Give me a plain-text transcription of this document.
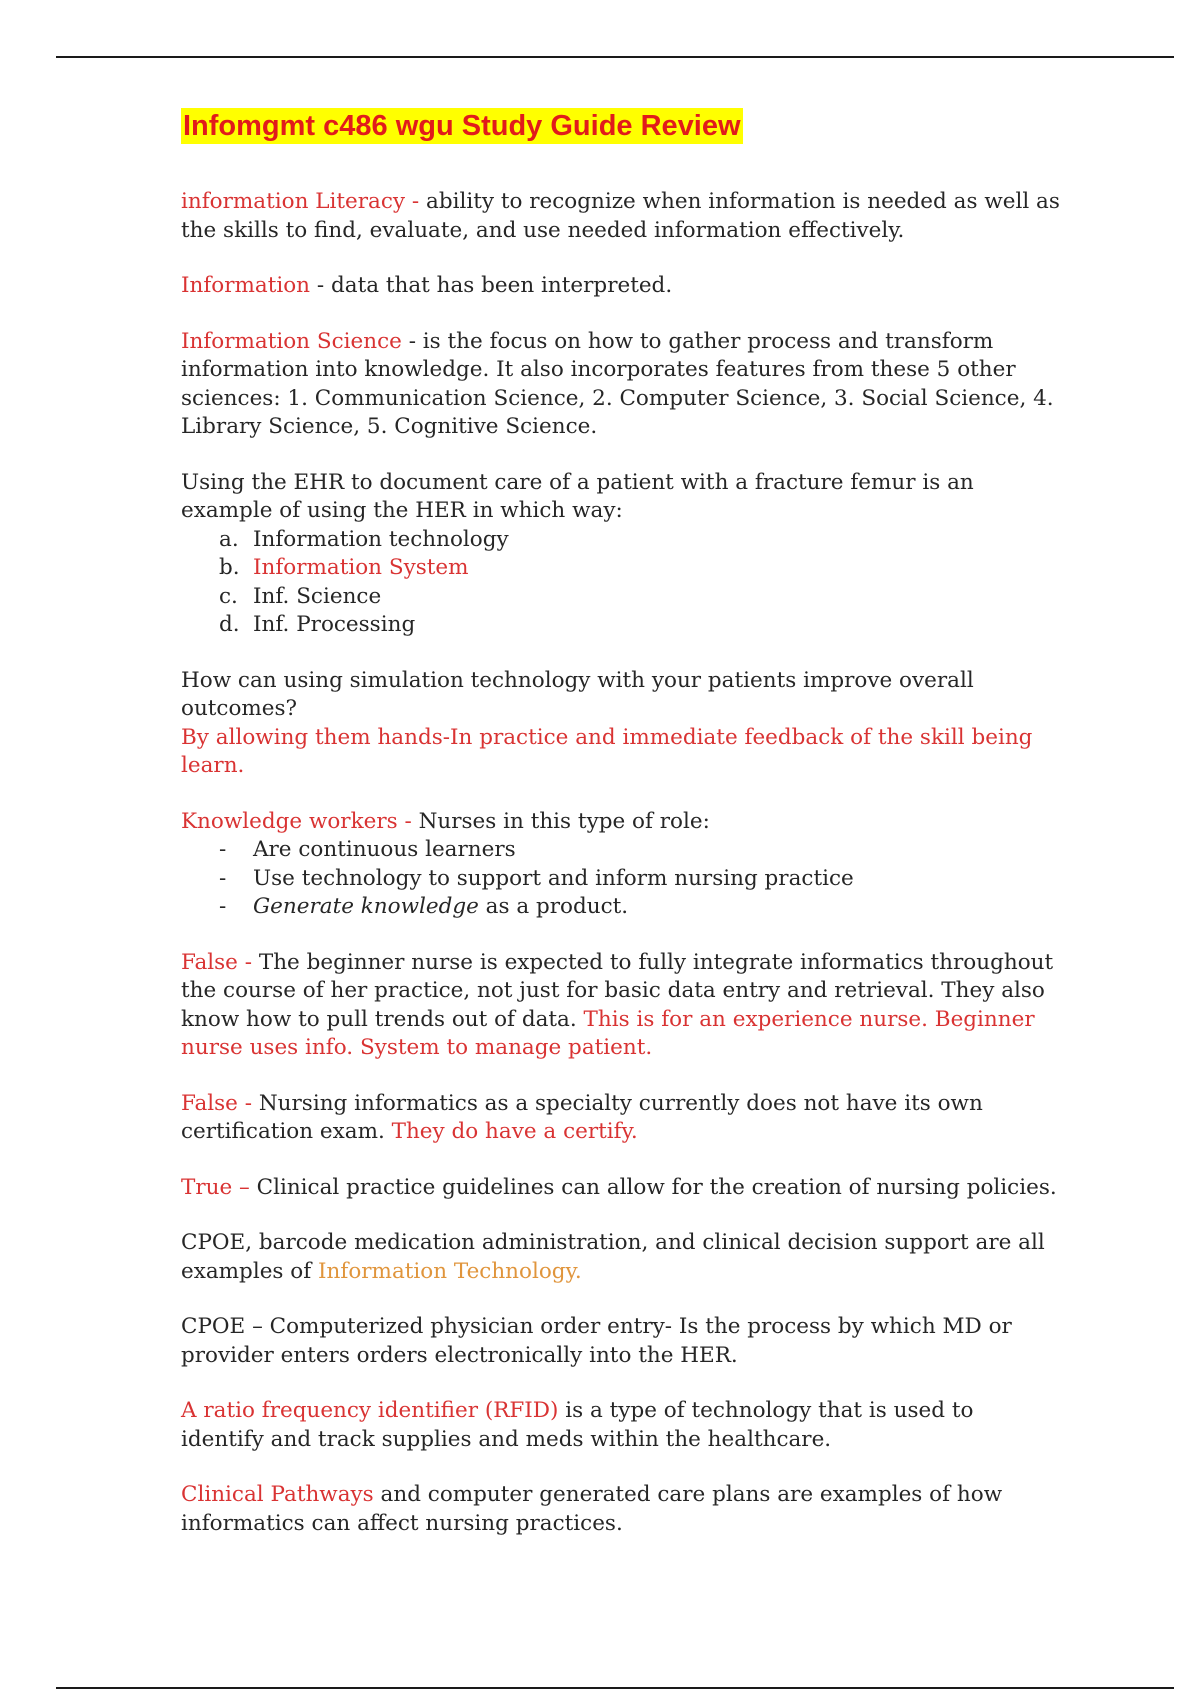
Infomgmt c486 wgu Study Guide Review

information Literacy - ability to recognize when information is needed as well as the skills to find, evaluate, and use needed information effectively.

Information - data that has been interpreted.

Information Science - is the focus on how to gather process and transform information into knowledge. It also incorporates features from these 5 other sciences: 1. Communication Science, 2. Computer Science, 3. Social Science, 4. Library Science, 5. Cognitive Science.

Using the EHR to document care of a patient with a fracture femur is an example of using the HER in which way:

a. Information technology
b. Information System
c. Inf. Science
d. Inf. Processing

How can using simulation technology with your patients improve overall outcomes?
By allowing them hands-In practice and immediate feedback of the skill being learn.

Knowledge workers - Nurses in this type of role:

- Are continuous learners
- Use technology to support and inform nursing practice
- Generate knowledge as a product.

False - The beginner nurse is expected to fully integrate informatics throughout the course of her practice, not just for basic data entry and retrieval. They also know how to pull trends out of data. This is for an experience nurse. Beginner nurse uses info. System to manage patient.

False - Nursing informatics as a specialty currently does not have its own certification exam. They do have a certify.

True – Clinical practice guidelines can allow for the creation of nursing policies.

CPOE, barcode medication administration, and clinical decision support are all examples of Information Technology.

CPOE – Computerized physician order entry- Is the process by which MD or provider enters orders electronically into the HER.

A ratio frequency identifier (RFID) is a type of technology that is used to identify and track supplies and meds within the healthcare.

Clinical Pathways and computer generated care plans are examples of how informatics can affect nursing practices.
